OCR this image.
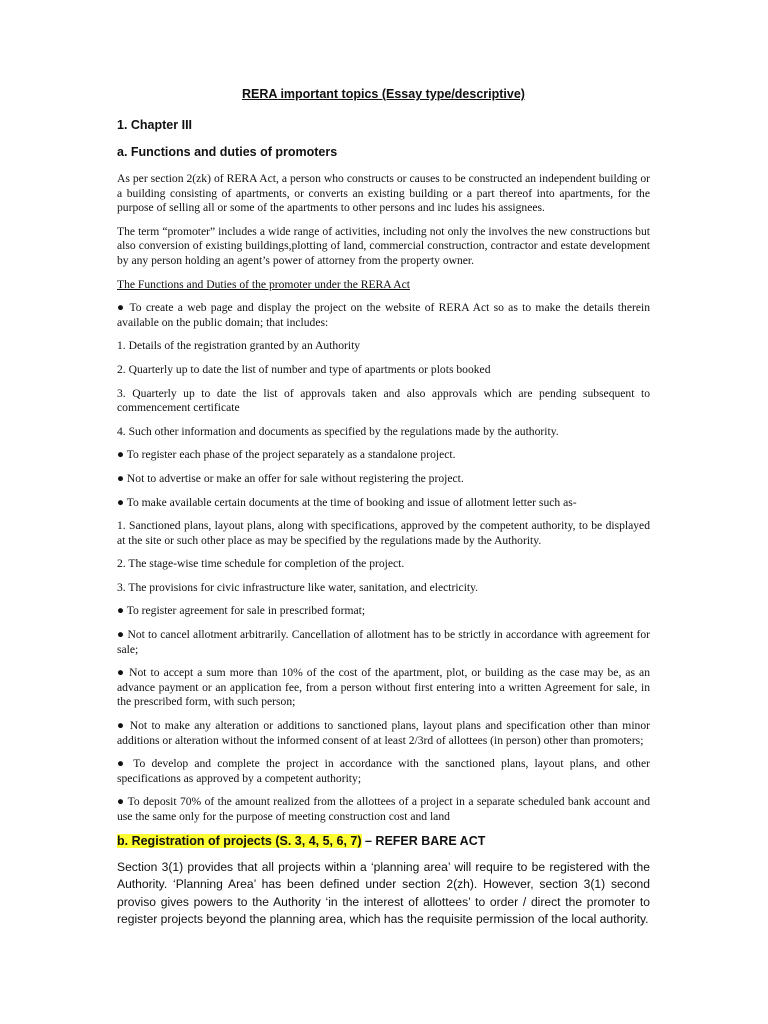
RERA important topics (Essay type/descriptive)
1. Chapter III
a. Functions and duties of promoters

As per section 2(zk) of RERA Act, a person who constructs or causes to be constructed an independent building or a building consisting of apartments, or converts an existing building or a part thereof into apartments, for the purpose of selling all or some of the apartments to other persons and inc ludes his assignees.

The term “promoter” includes a wide range of activities, including not only the involves the new constructions but also conversion of existing buildings,plotting of land, commercial construction, contractor and estate development by any person holding an agent’s power of attorney from the property owner.

The Functions and Duties of the promoter under the RERA Act

● To create a web page and display the project on the website of RERA Act so as to make the details therein available on the public domain; that includes:

1. Details of the registration granted by an Authority

2. Quarterly up to date the list of number and type of apartments or plots booked

3. Quarterly up to date the list of approvals taken and also approvals which are pending subsequent to commencement certificate

4. Such other information and documents as specified by the regulations made by the authority.

● To register each phase of the project separately as a standalone project.

● Not to advertise or make an offer for sale without registering the project.

● To make available certain documents at the time of booking and issue of allotment letter such as-

1. Sanctioned plans, layout plans, along with specifications, approved by the competent authority, to be displayed at the site or such other place as may be specified by the regulations made by the Authority.

2. The stage-wise time schedule for completion of the project.

3. The provisions for civic infrastructure like water, sanitation, and electricity.

● To register agreement for sale in prescribed format;

● Not to cancel allotment arbitrarily. Cancellation of allotment has to be strictly in accordance with agreement for sale;

● Not to accept a sum more than 10% of the cost of the apartment, plot, or building as the case may be, as an advance payment or an application fee, from a person without first entering into a written Agreement for sale, in the prescribed form, with such person;

● Not to make any alteration or additions to sanctioned plans, layout plans and specification other than minor additions or alteration without the informed consent of at least 2/3rd of allottees (in person) other than promoters;

● To develop and complete the project in accordance with the sanctioned plans, layout plans, and other specifications as approved by a competent authority;

● To deposit 70% of the amount realized from the allottees of a project in a separate scheduled bank account and use the same only for the purpose of meeting construction cost and land

b. Registration of projects (S. 3, 4, 5, 6, 7) – REFER BARE ACT

Section 3(1) provides that all projects within a ‘planning area’ will require to be registered with the Authority. ‘Planning Area’ has been defined under section 2(zh). However, section 3(1) second proviso gives powers to the Authority ‘in the interest of allottees’ to order / direct the promoter to register projects beyond the planning area, which has the requisite permission of the local authority.
